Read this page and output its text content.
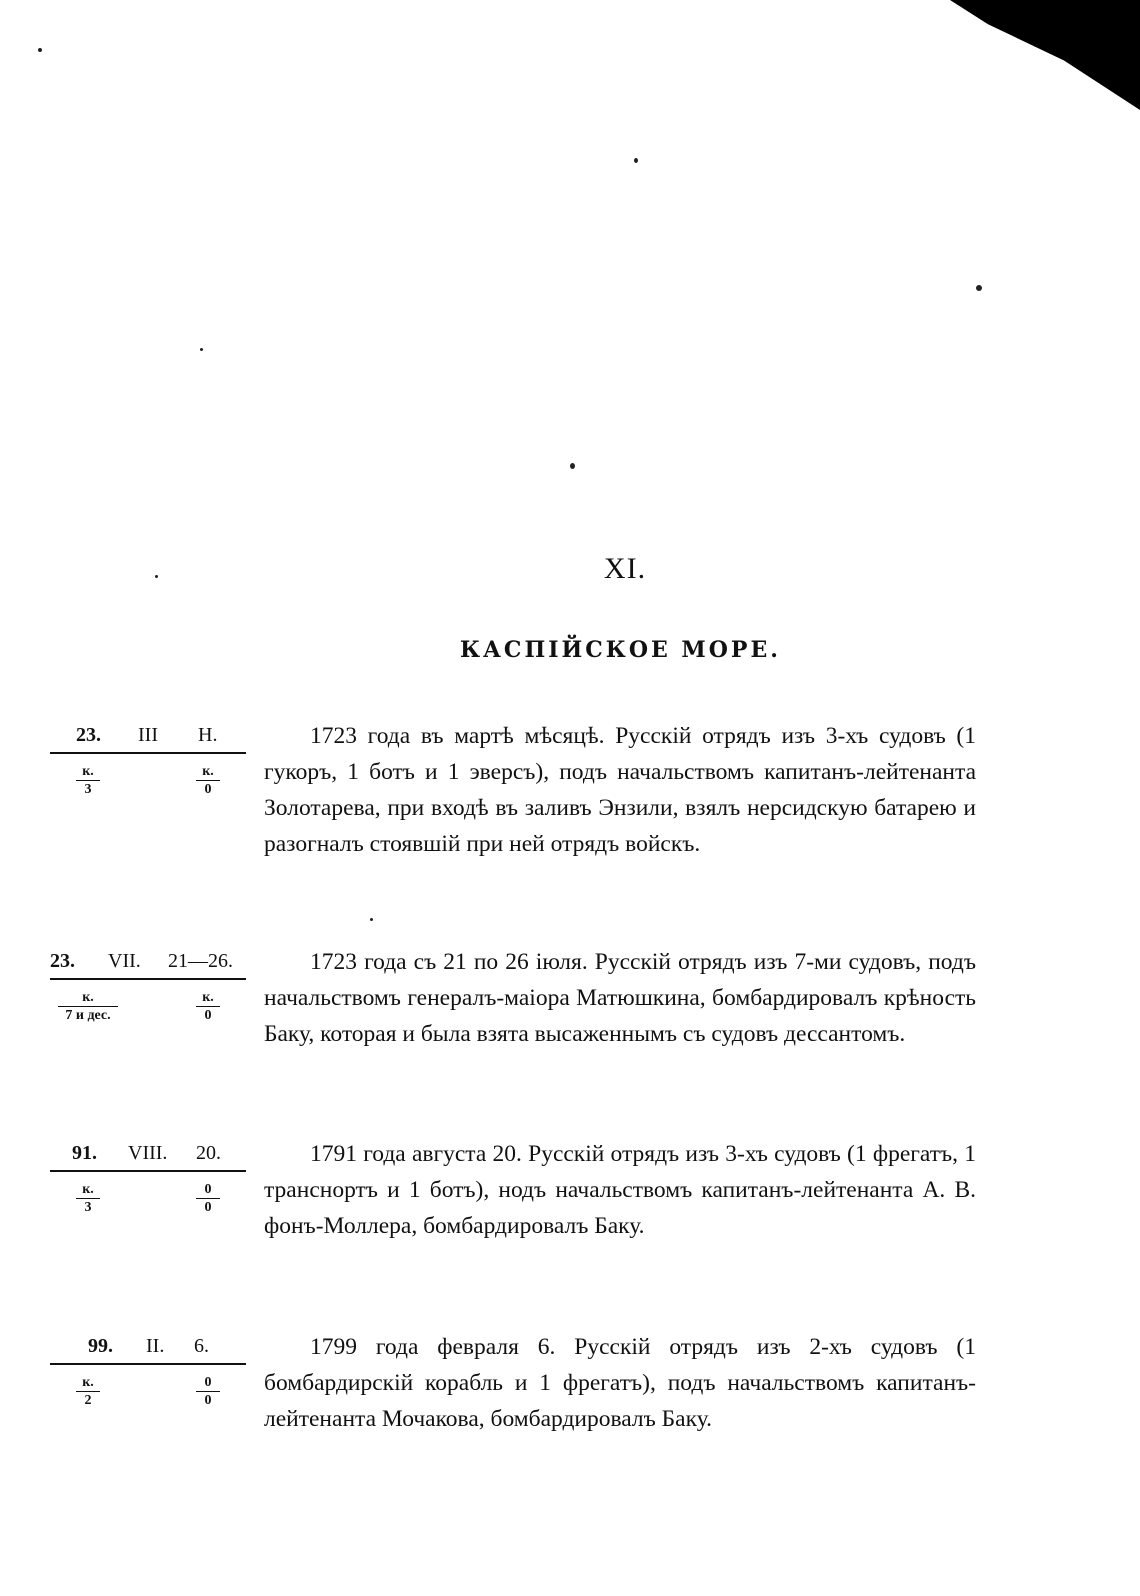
XI.
КАСПІЙСКОЕ МОРЕ.
23. III Н.
к.
3
к.
0

1723 года въ мартѣ мѣсяцѣ. Русскій отрядъ изъ 3-хъ судовъ (1 гукоръ, 1 ботъ и 1 эверсъ), подъ начальствомъ капитанъ-лейтенанта Золотарева, при входѣ въ заливъ Энзили, взялъ нерсидскую батарею и разогналъ стоявшій при ней отрядъ войскъ.

23. VII. 21—26.
к.
7 и дес.
к.
0

1723 года съ 21 по 26 іюля. Русскій отрядъ изъ 7-ми судовъ, подъ начальствомъ генералъ-маіора Матюшкина, бомбардировалъ крѣность Баку, которая и была взята высаженнымъ съ судовъ дессантомъ.

91. VIII. 20.
к.
3	$\frac{0}{0}$

1791 года августа 20. Русскій отрядъ изъ 3-хъ судовъ (1 фрегатъ, 1 транснортъ и 1 ботъ), нодъ начальствомъ капитанъ-лейтенанта А. В. фонъ-Моллера, бомбардировалъ Баку.

99. II. 6.
к.
2	$\frac{0}{0}$

1799 года февраля 6. Русскій отрядъ изъ 2-хъ судовъ (1 бомбардирскій корабль и 1 фрегатъ), подъ начальствомъ капитанъ-лейтенанта Мочакова, бомбардировалъ Баку.
